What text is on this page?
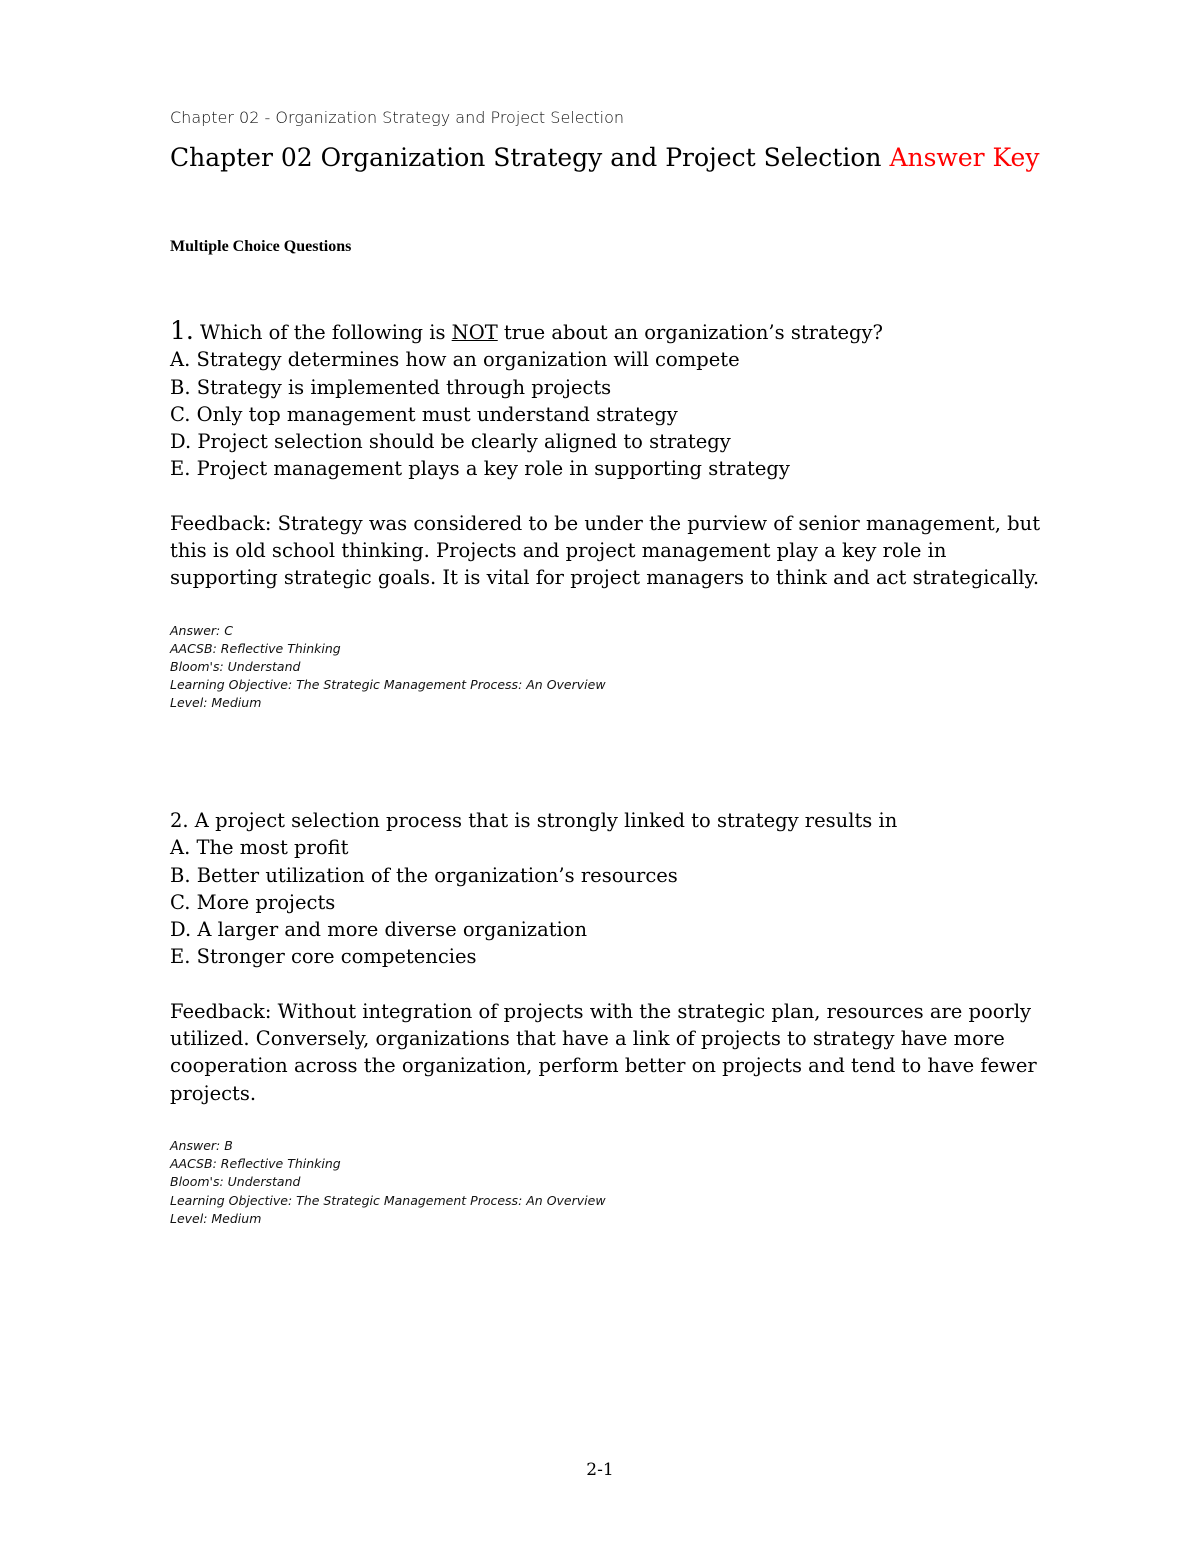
Chapter 02 - Organization Strategy and Project Selection
Chapter 02 Organization Strategy and Project Selection Answer Key
Multiple Choice Questions
1. Which of the following is NOT true about an organization’s strategy?
A. Strategy determines how an organization will compete
B. Strategy is implemented through projects
C. Only top management must understand strategy
D. Project selection should be clearly aligned to strategy
E. Project management plays a key role in supporting strategy
Feedback: Strategy was considered to be under the purview of senior management, but this is old school thinking. Projects and project management play a key role in supporting strategic goals. It is vital for project managers to think and act strategically.
Answer: C
AACSB: Reflective Thinking
Bloom's: Understand
Learning Objective: The Strategic Management Process: An Overview
Level: Medium
2. A project selection process that is strongly linked to strategy results in
A. The most profit
B. Better utilization of the organization’s resources
C. More projects
D. A larger and more diverse organization
E. Stronger core competencies
Feedback: Without integration of projects with the strategic plan, resources are poorly utilized. Conversely, organizations that have a link of projects to strategy have more cooperation across the organization, perform better on projects and tend to have fewer projects.
Answer: B
AACSB: Reflective Thinking
Bloom's: Understand
Learning Objective: The Strategic Management Process: An Overview
Level: Medium
2-1
